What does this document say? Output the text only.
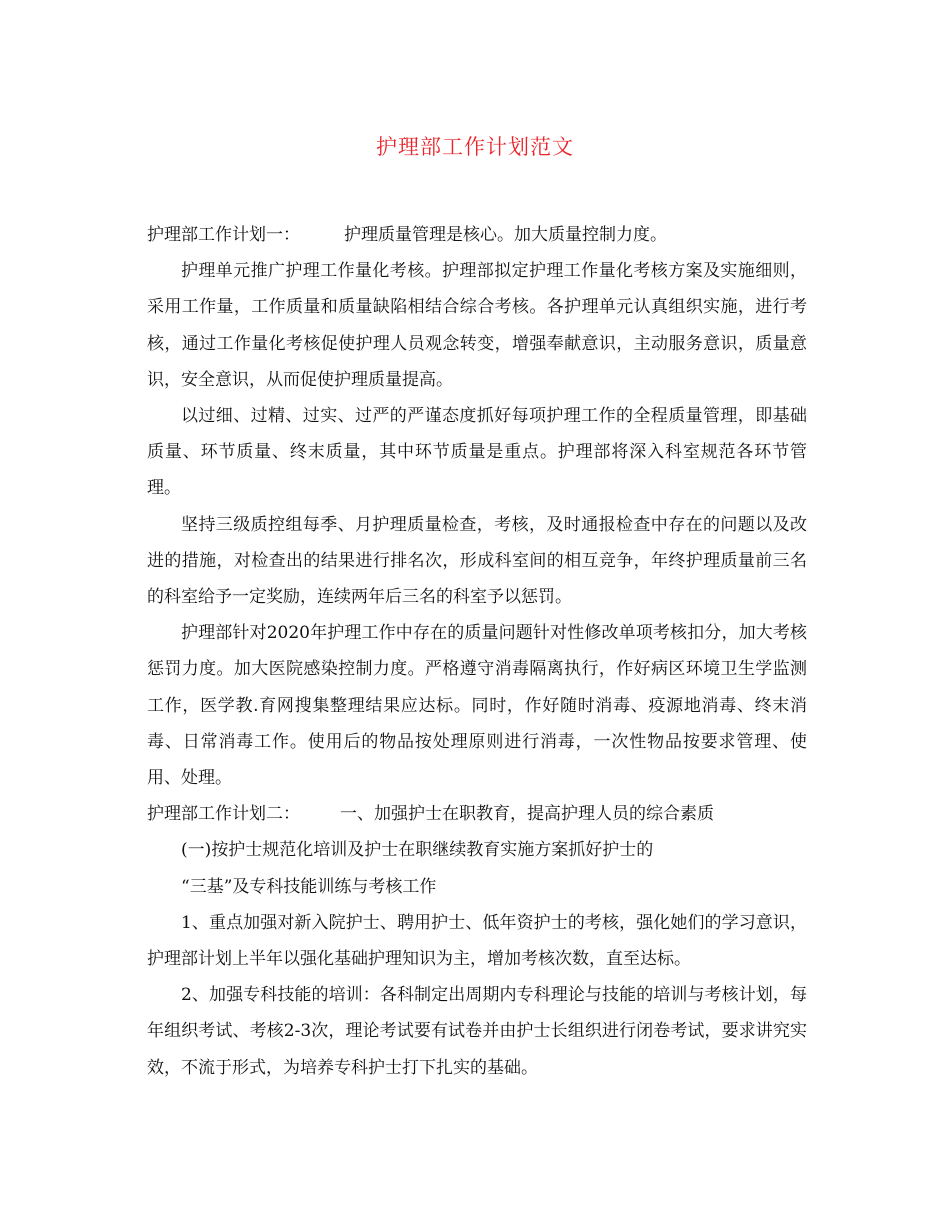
护理部工作计划范文

护理部工作计划一：	护理质量管理是核心。加大质量控制力度。

护理单元推广护理工作量化考核。护理部拟定护理工作量化考核方案及实施细则，采用工作量，工作质量和质量缺陷相结合综合考核。各护理单元认真组织实施，进行考核，通过工作量化考核促使护理人员观念转变，增强奉献意识，主动服务意识，质量意识，安全意识，从而促使护理质量提高。

以过细、过精、过实、过严的严谨态度抓好每项护理工作的全程质量管理，即基础质量、环节质量、终末质量，其中环节质量是重点。护理部将深入科室规范各环节管理。

坚持三级质控组每季、月护理质量检查，考核，及时通报检查中存在的问题以及改进的措施，对检查出的结果进行排名次，形成科室间的相互竞争，年终护理质量前三名的科室给予一定奖励，连续两年后三名的科室予以惩罚。

护理部针对2020年护理工作中存在的质量问题针对性修改单项考核扣分，加大考核惩罚力度。加大医院感染控制力度。严格遵守消毒隔离执行，作好病区环境卫生学监测工作，医学教.育网搜集整理结果应达标。同时，作好随时消毒、疫源地消毒、终末消毒、日常消毒工作。使用后的物品按处理原则进行消毒，一次性物品按要求管理、使用、处理。

护理部工作计划二： 一、加强护士在职教育，提高护理人员的综合素质

(一)按护士规范化培训及护士在职继续教育实施方案抓好护士的

“三基”及专科技能训练与考核工作

1、重点加强对新入院护士、聘用护士、低年资护士的考核，强化她们的学习意识，护理部计划上半年以强化基础护理知识为主，增加考核次数，直至达标。

2、加强专科技能的培训：各科制定出周期内专科理论与技能的培训与考核计划，每年组织考试、考核2-3次，理论考试要有试卷并由护士长组织进行闭卷考试，要求讲究实效，不流于形式，为培养专科护士打下扎实的基础。
